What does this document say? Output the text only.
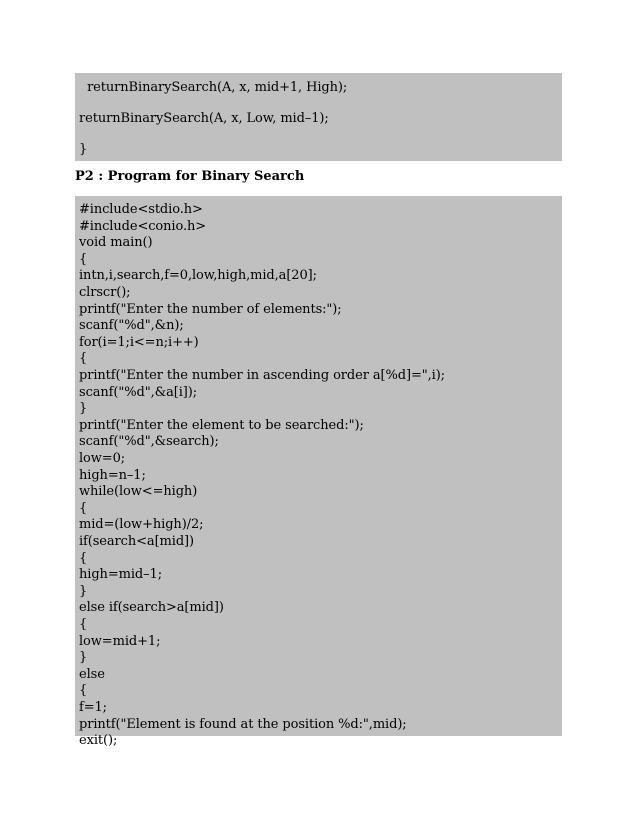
returnBinarySearch(A, x, mid+1, High);
returnBinarySearch(A, x, Low, mid–1);
}
P2 : Program for Binary Search
#include<stdio.h>
#include<conio.h>
void main()
{
intn,i,search,f=0,low,high,mid,a[20];
clrscr();
printf("Enter the number of elements:");
scanf("%d",&n);
for(i=1;i<=n;i++)
{
printf("Enter the number in ascending order a[%d]=",i);
scanf("%d",&a[i]);
}
printf("Enter the element to be searched:");
scanf("%d",&search);
low=0;
high=n–1;
while(low<=high)
{
mid=(low+high)/2;
if(search<a[mid])
{
high=mid–1;
}
else if(search>a[mid])
{
low=mid+1;
}
else
{
f=1;
printf("Element is found at the position %d:",mid);
exit();
